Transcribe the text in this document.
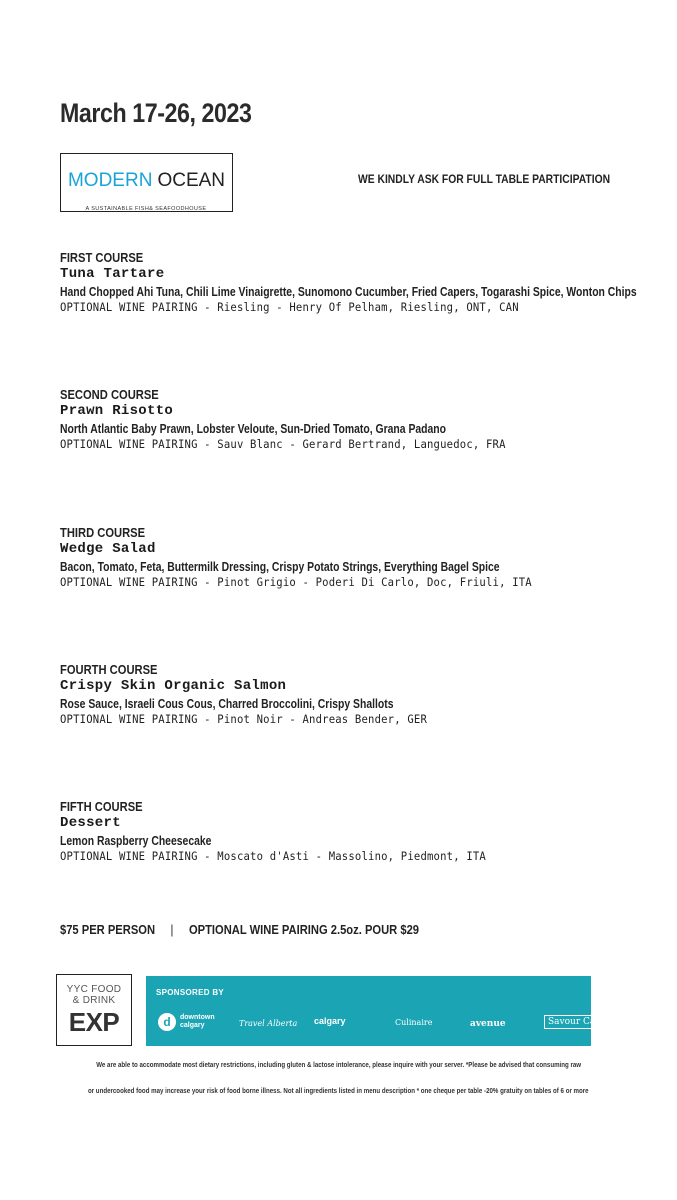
March 17-26, 2023
MODERN OCEAN
A SUSTAINABLE FISH& SEAFOODHOUSE
WE KINDLY ASK FOR FULL TABLE PARTICIPATION
FIRST COURSE
Tuna Tartare
Hand Chopped Ahi Tuna, Chili Lime Vinaigrette, Sunomono Cucumber, Fried Capers, Togarashi Spice, Wonton Chips
OPTIONAL WINE PAIRING - Riesling - Henry Of Pelham, Riesling, ONT, CAN
SECOND COURSE
Prawn Risotto
North Atlantic Baby Prawn, Lobster Veloute, Sun-Dried Tomato, Grana Padano
OPTIONAL WINE PAIRING - Sauv Blanc - Gerard Bertrand, Languedoc, FRA
THIRD COURSE
Wedge Salad
Bacon, Tomato, Feta, Buttermilk Dressing, Crispy Potato Strings, Everything Bagel Spice
OPTIONAL WINE PAIRING - Pinot Grigio - Poderi Di Carlo, Doc, Friuli, ITA
FOURTH COURSE
Crispy Skin Organic Salmon
Rose Sauce, Israeli Cous Cous, Charred Broccolini, Crispy Shallots
OPTIONAL WINE PAIRING - Pinot Noir - Andreas Bender, GER
FIFTH COURSE
Dessert
Lemon Raspberry Cheesecake
OPTIONAL WINE PAIRING - Moscato d'Asti - Massolino, Piedmont, ITA
$75 PER PERSON | OPTIONAL WINE PAIRING 2.5oz. POUR $29
YYC FOOD
& DRINK
EXP
SPONSORED BY
d	downtown calgary	Travel Alberta calgary	Culinaire	avenue	Savour Calgary
We are able to accommodate most dietary restrictions, including gluten & lactose intolerance, please inquire with your server. *Please be advised that consuming raw
or undercooked food may increase your risk of food borne illness. Not all ingredients listed in menu description * one cheque per table -20% gratuity on tables of 6 or more
